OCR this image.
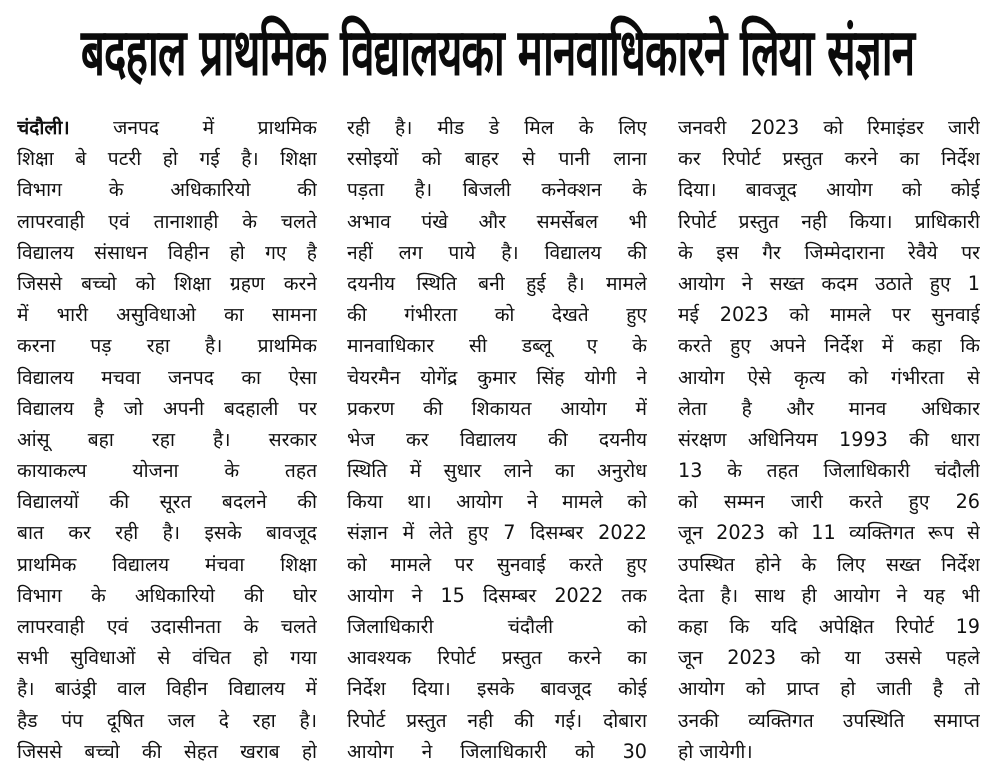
बदहाल प्राथमिक विद्यालयका मानवाधिकारने लिया संज्ञान
चंदौली। जनपद में प्राथमिक
शिक्षा बे पटरी हो गई है। शिक्षा
विभाग के अधिकारियो की
लापरवाही एवं तानाशाही के चलते
विद्यालय संसाधन विहीन हो गए है
जिससे बच्चो को शिक्षा ग्रहण करने
में भारी असुविधाओ का सामना
करना पड़ रहा है। प्राथमिक
विद्यालय मचवा जनपद का ऐसा
विद्यालय है जो अपनी बदहाली पर
आंसू बहा रहा है। सरकार
कायाकल्प योजना के तहत
विद्यालयों की सूरत बदलने की
बात कर रही है। इसके बावजूद
प्राथमिक विद्यालय मंचवा शिक्षा
विभाग के अधिकारियो की घोर
लापरवाही एवं उदासीनता के चलते
सभी सुविधाओं से वंचित हो गया
है। बाउंड्री वाल विहीन विद्यालय में
हैड पंप दूषित जल दे रहा है।
जिससे बच्चो की सेहत खराब हो
रही है। मीड डे मिल के लिए
रसोइयों को बाहर से पानी लाना
पड़ता है। बिजली कनेक्शन के
अभाव पंखे और समर्सेबल भी
नहीं लग पाये है। विद्यालय की
दयनीय स्थिति बनी हुई है। मामले
की गंभीरता को देखते हुए
मानवाधिकार सी डब्लू ए के
चेयरमैन योगेंद्र कुमार सिंह योगी ने
प्रकरण की शिकायत आयोग में
भेज कर विद्यालय की दयनीय
स्थिति में सुधार लाने का अनुरोध
किया था। आयोग ने मामले को
संज्ञान में लेते हुए 7 दिसम्बर 2022
को मामले पर सुनवाई करते हुए
आयोग ने 15 दिसम्बर 2022 तक
जिलाधिकारी चंदौली को
आवश्यक रिपोर्ट प्रस्तुत करने का
निर्देश दिया। इसके बावजूद कोई
रिपोर्ट प्रस्तुत नही की गई। दोबारा
आयोग ने जिलाधिकारी को 30
जनवरी 2023 को रिमाइंडर जारी
कर रिपोर्ट प्रस्तुत करने का निर्देश
दिया। बावजूद आयोग को कोई
रिपोर्ट प्रस्तुत नही किया। प्राधिकारी
के इस गैर जिम्मेदाराना रेवैये पर
आयोग ने सख्त कदम उठाते हुए 1
मई 2023 को मामले पर सुनवाई
करते हुए अपने निर्देश में कहा कि
आयोग ऐसे कृत्य को गंभीरता से
लेता है और मानव अधिकार
संरक्षण अधिनियम 1993 की धारा
13 के तहत जिलाधिकारी चंदौली
को सम्मन जारी करते हुए 26
जून 2023 को 11 व्यक्तिगत रूप से
उपस्थित होने के लिए सख्त निर्देश
देता है। साथ ही आयोग ने यह भी
कहा कि यदि अपेक्षित रिपोर्ट 19
जून 2023 को या उससे पहले
आयोग को प्राप्त हो जाती है तो
उनकी व्यक्तिगत उपस्थिति समाप्त
हो जायेगी।
